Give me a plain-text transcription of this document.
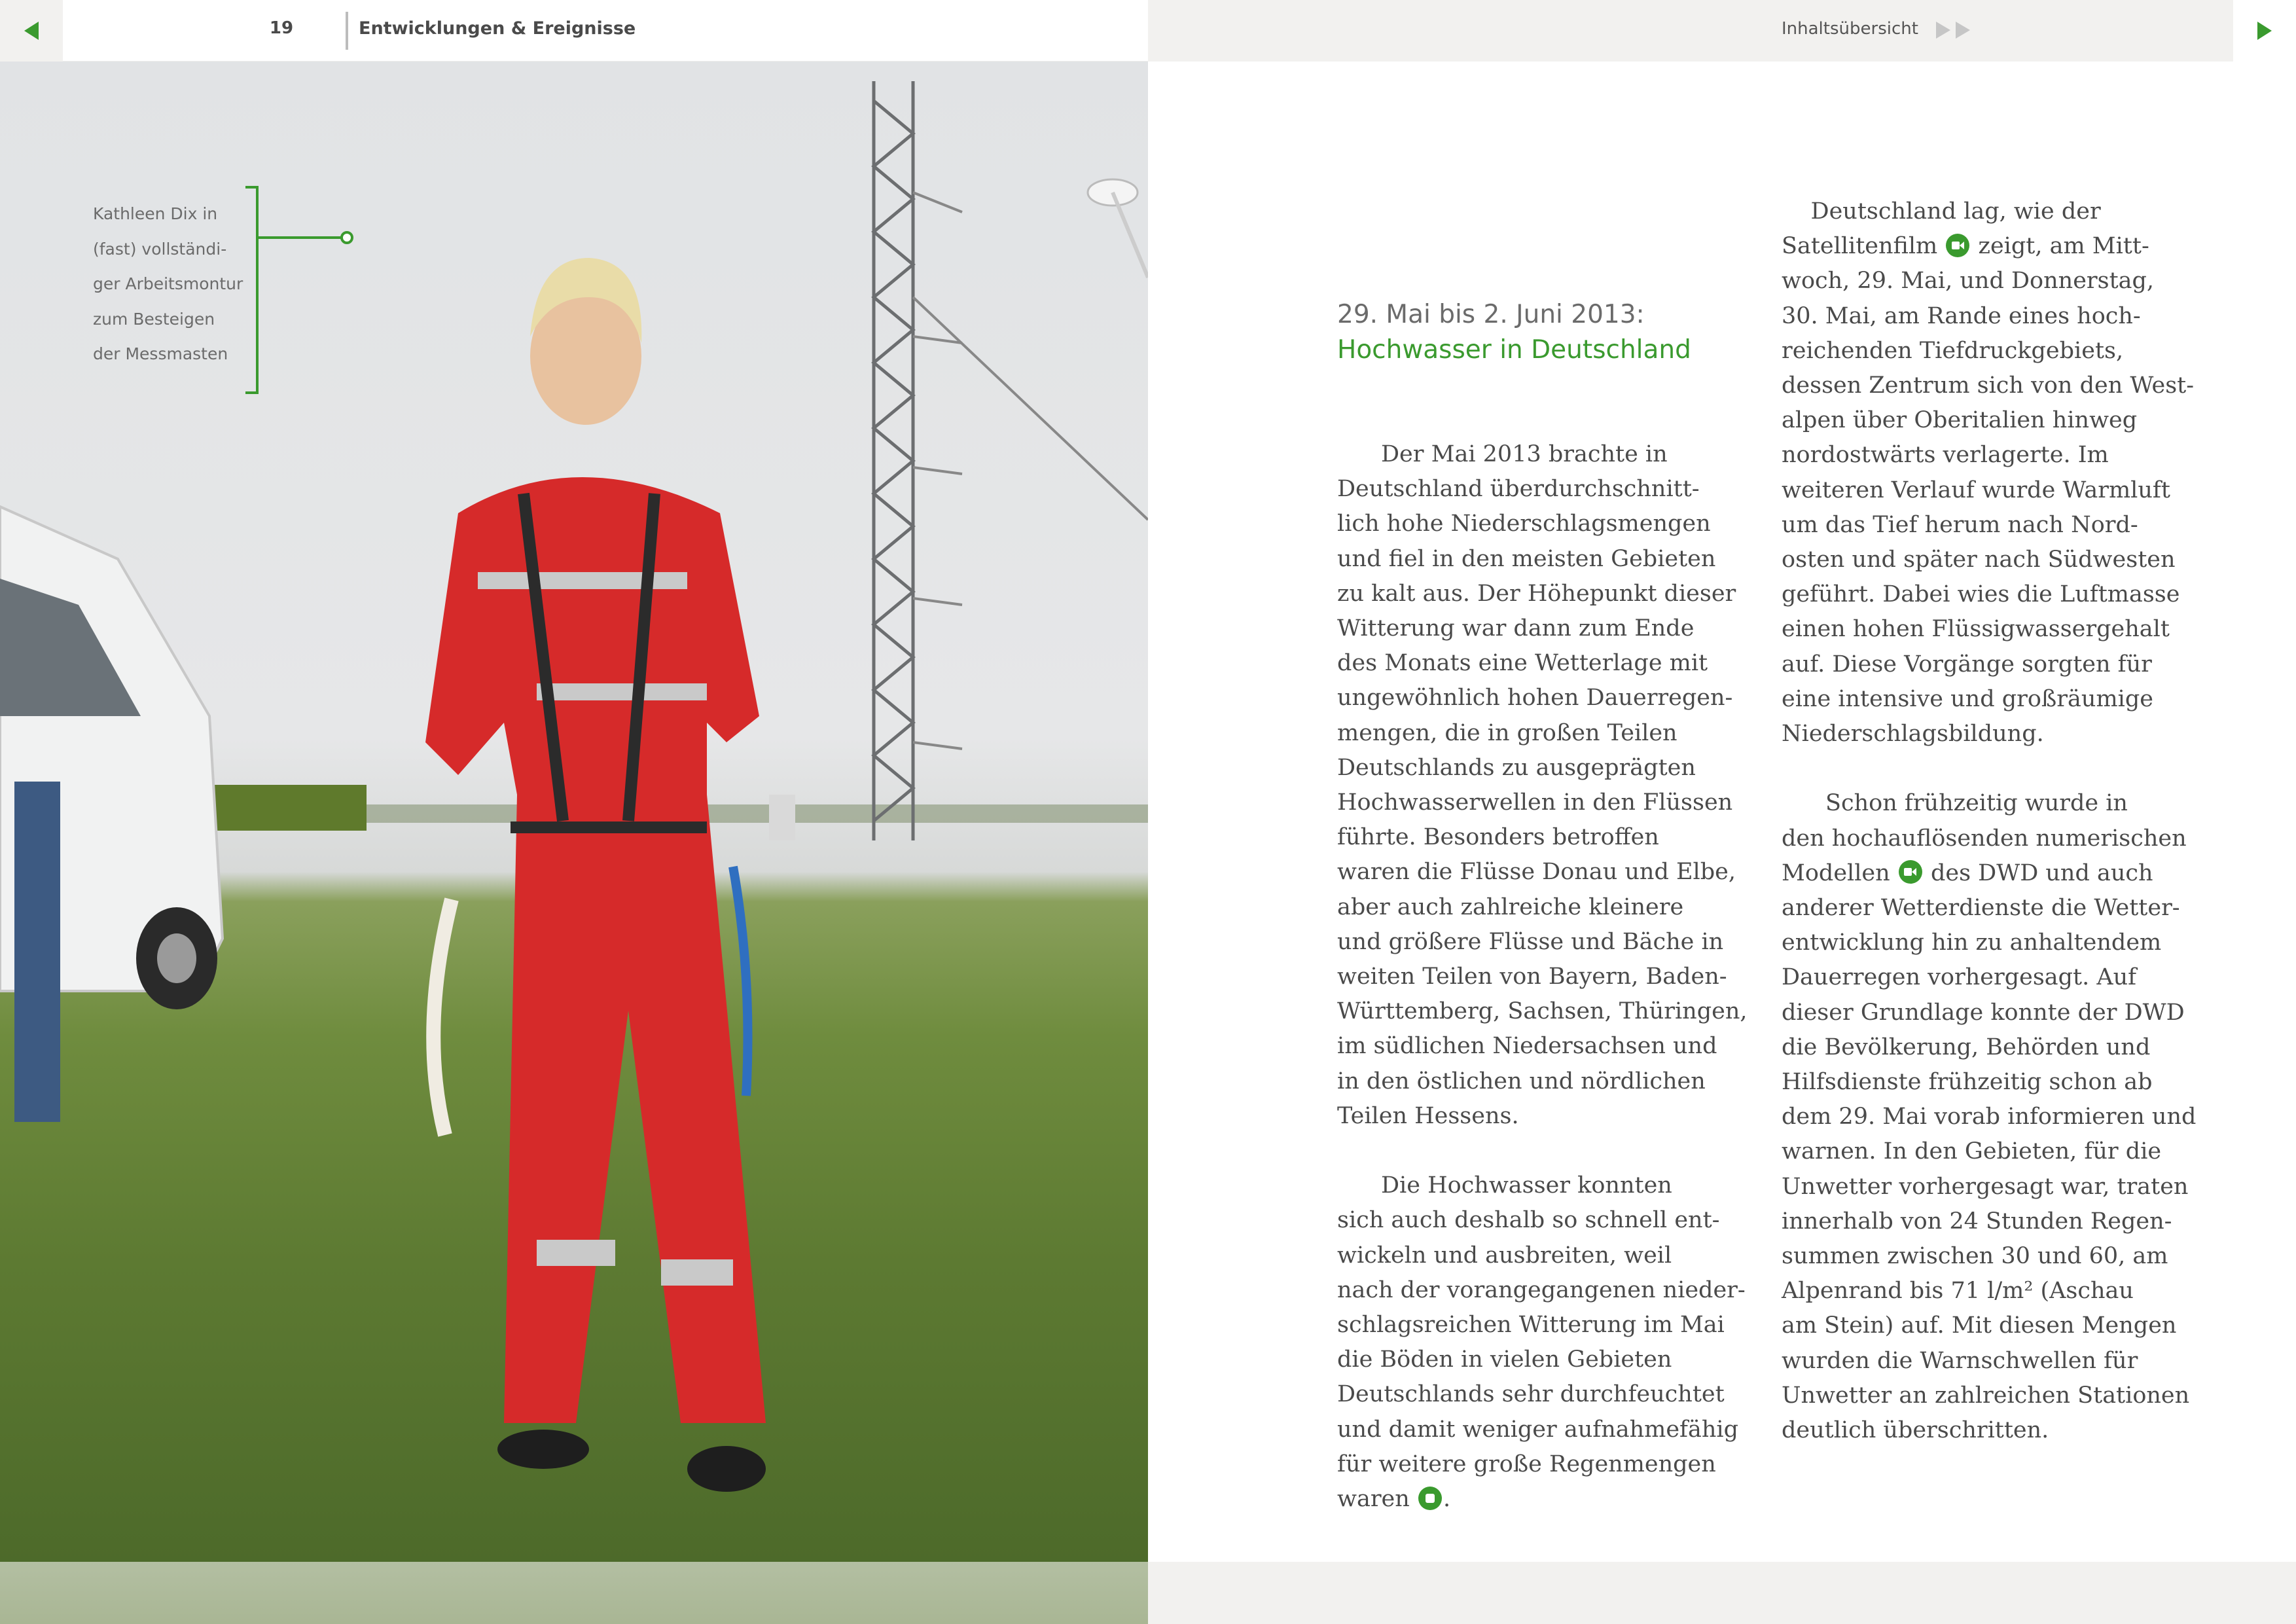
19	Entwicklungen & Ereignisse	Inhaltsübersicht
Kathleen Dix in
(fast) vollständi-
ger Arbeitsmontur
zum Besteigen
der Messmasten
29. Mai bis 2. Juni 2013:
Hochwasser in Deutschland
Der Mai 2013 brachte in
Deutschland überdurchschnitt-
lich hohe Niederschlagsmengen
und fiel in den meisten Gebieten
zu kalt aus. Der Höhepunkt dieser
Witterung war dann zum Ende
des Monats eine Wetterlage mit
ungewöhnlich hohen Dauerregen-
mengen, die in großen Teilen
Deutschlands zu ausgeprägten
Hochwasserwellen in den Flüssen
führte. Besonders betroffen
waren die Flüsse Donau und Elbe,
aber auch zahlreiche kleinere
und größere Flüsse und Bäche in
weiten Teilen von Bayern, Baden-
Württemberg, Sachsen, Thüringen,
im südlichen Niedersachsen und
in den östlichen und nördlichen
Teilen Hessens.
Die Hochwasser konnten
sich auch deshalb so schnell ent-
wickeln und ausbreiten, weil
nach der vorangegangenen nieder-
schlagsreichen Witterung im Mai
die Böden in vielen Gebieten
Deutschlands sehr durchfeuchtet
und damit weniger aufnahmefähig
für weitere große Regenmengen
waren .
Deutschland lag, wie der
Satellitenfilm zeigt, am Mitt-
woch, 29. Mai, und Donnerstag,
30. Mai, am Rande eines hoch-
reichenden Tiefdruckgebiets,
dessen Zentrum sich von den West-
alpen über Oberitalien hinweg
nordostwärts verlagerte. Im
weiteren Verlauf wurde Warmluft
um das Tief herum nach Nord-
osten und später nach Südwesten
geführt. Dabei wies die Luftmasse
einen hohen Flüssigwassergehalt
auf. Diese Vorgänge sorgten für
eine intensive und großräumige
Niederschlagsbildung.
Schon frühzeitig wurde in
den hochauflösenden numerischen
Modellen des DWD und auch
anderer Wetterdienste die Wetter-
entwicklung hin zu anhaltendem
Dauerregen vorhergesagt. Auf
dieser Grundlage konnte der DWD
die Bevölkerung, Behörden und
Hilfsdienste frühzeitig schon ab
dem 29. Mai vorab informieren und
warnen. In den Gebieten, für die
Unwetter vorhergesagt war, traten
innerhalb von 24 Stunden Regen-
summen zwischen 30 und 60, am
Alpenrand bis 71 l/m² (Aschau
am Stein) auf. Mit diesen Mengen
wurden die Warnschwellen für
Unwetter an zahlreichen Stationen
deutlich überschritten.
